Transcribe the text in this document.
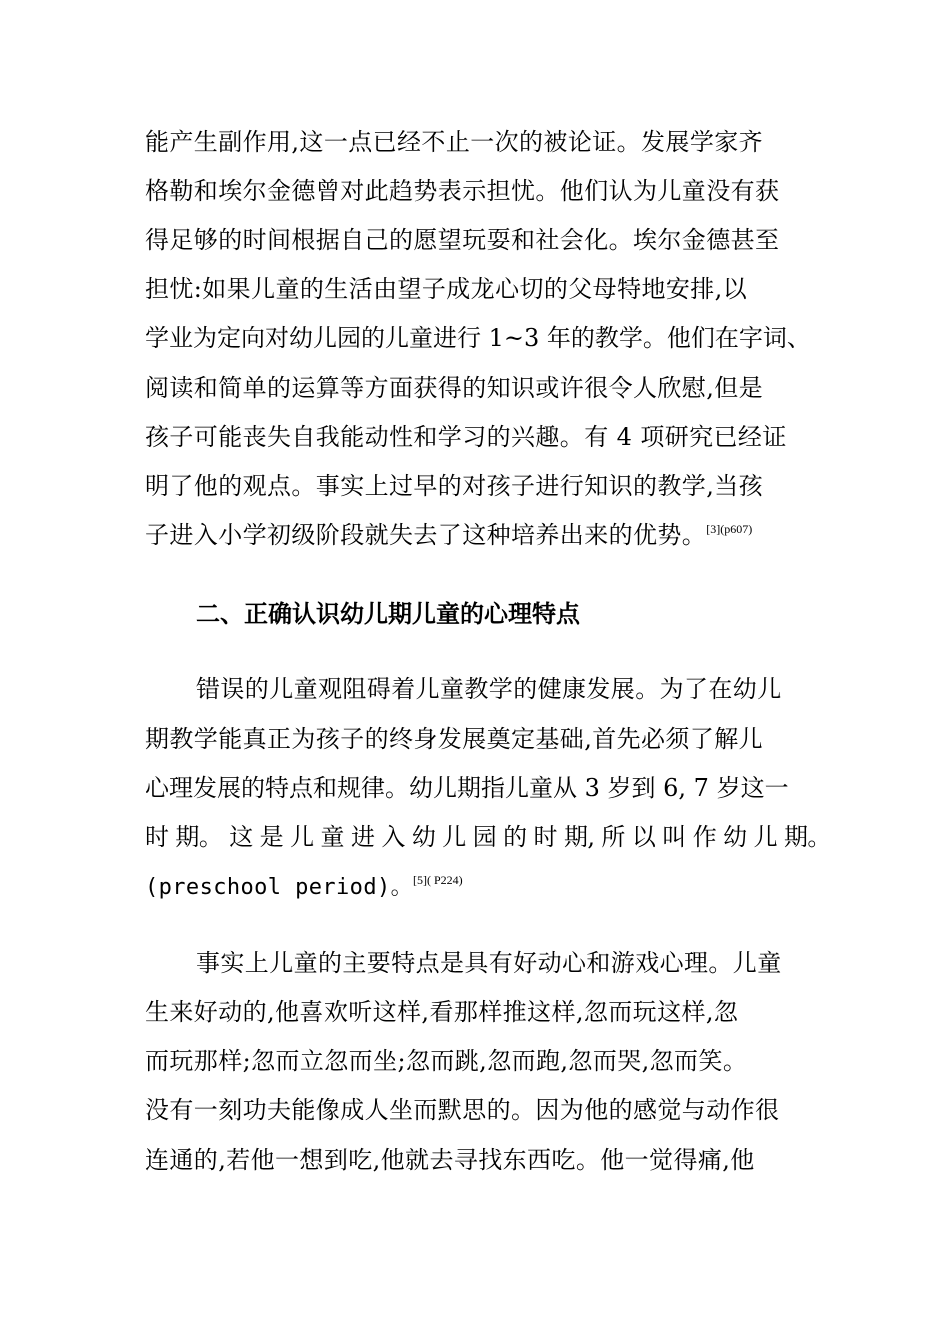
能产生副作用,这一点已经不止一次的被论证。发展学家齐
格勒和埃尔金德曾对此趋势表示担忧。他们认为儿童没有获
得足够的时间根据自己的愿望玩耍和社会化。埃尔金德甚至
担忧:如果儿童的生活由望子成龙心切的父母特地安排,以
学业为定向对幼儿园的儿童进行 1~3 年的教学。他们在字词、
阅读和简单的运算等方面获得的知识或许很令人欣慰,但是
孩子可能丧失自我能动性和学习的兴趣。有 4 项研究已经证
明了他的观点。事实上过早的对孩子进行知识的教学,当孩
子进入小学初级阶段就失去了这种培养出来的优势。$^{[3](p607)}$
二、正确认识幼儿期儿童的心理特点
错误的儿童观阻碍着儿童教学的健康发展。为了在幼儿
期教学能真正为孩子的终身发展奠定基础,首先必须了解儿
心理发展的特点和规律。幼儿期指儿童从 3 岁到 6, 7 岁这一
时 期。 这 是 儿 童 进 入 幼 儿 园 的 时 期, 所 以 叫 作 幼 儿 期。
(preschool period)。$^{[5]( P224)}$
事实上儿童的主要特点是具有好动心和游戏心理。儿童
生来好动的,他喜欢听这样,看那样推这样,忽而玩这样,忽
而玩那样;忽而立忽而坐;忽而跳,忽而跑,忽而哭,忽而笑。
没有一刻功夫能像成人坐而默思的。因为他的感觉与动作很
连通的,若他一想到吃,他就去寻找东西吃。他一觉得痛,他
